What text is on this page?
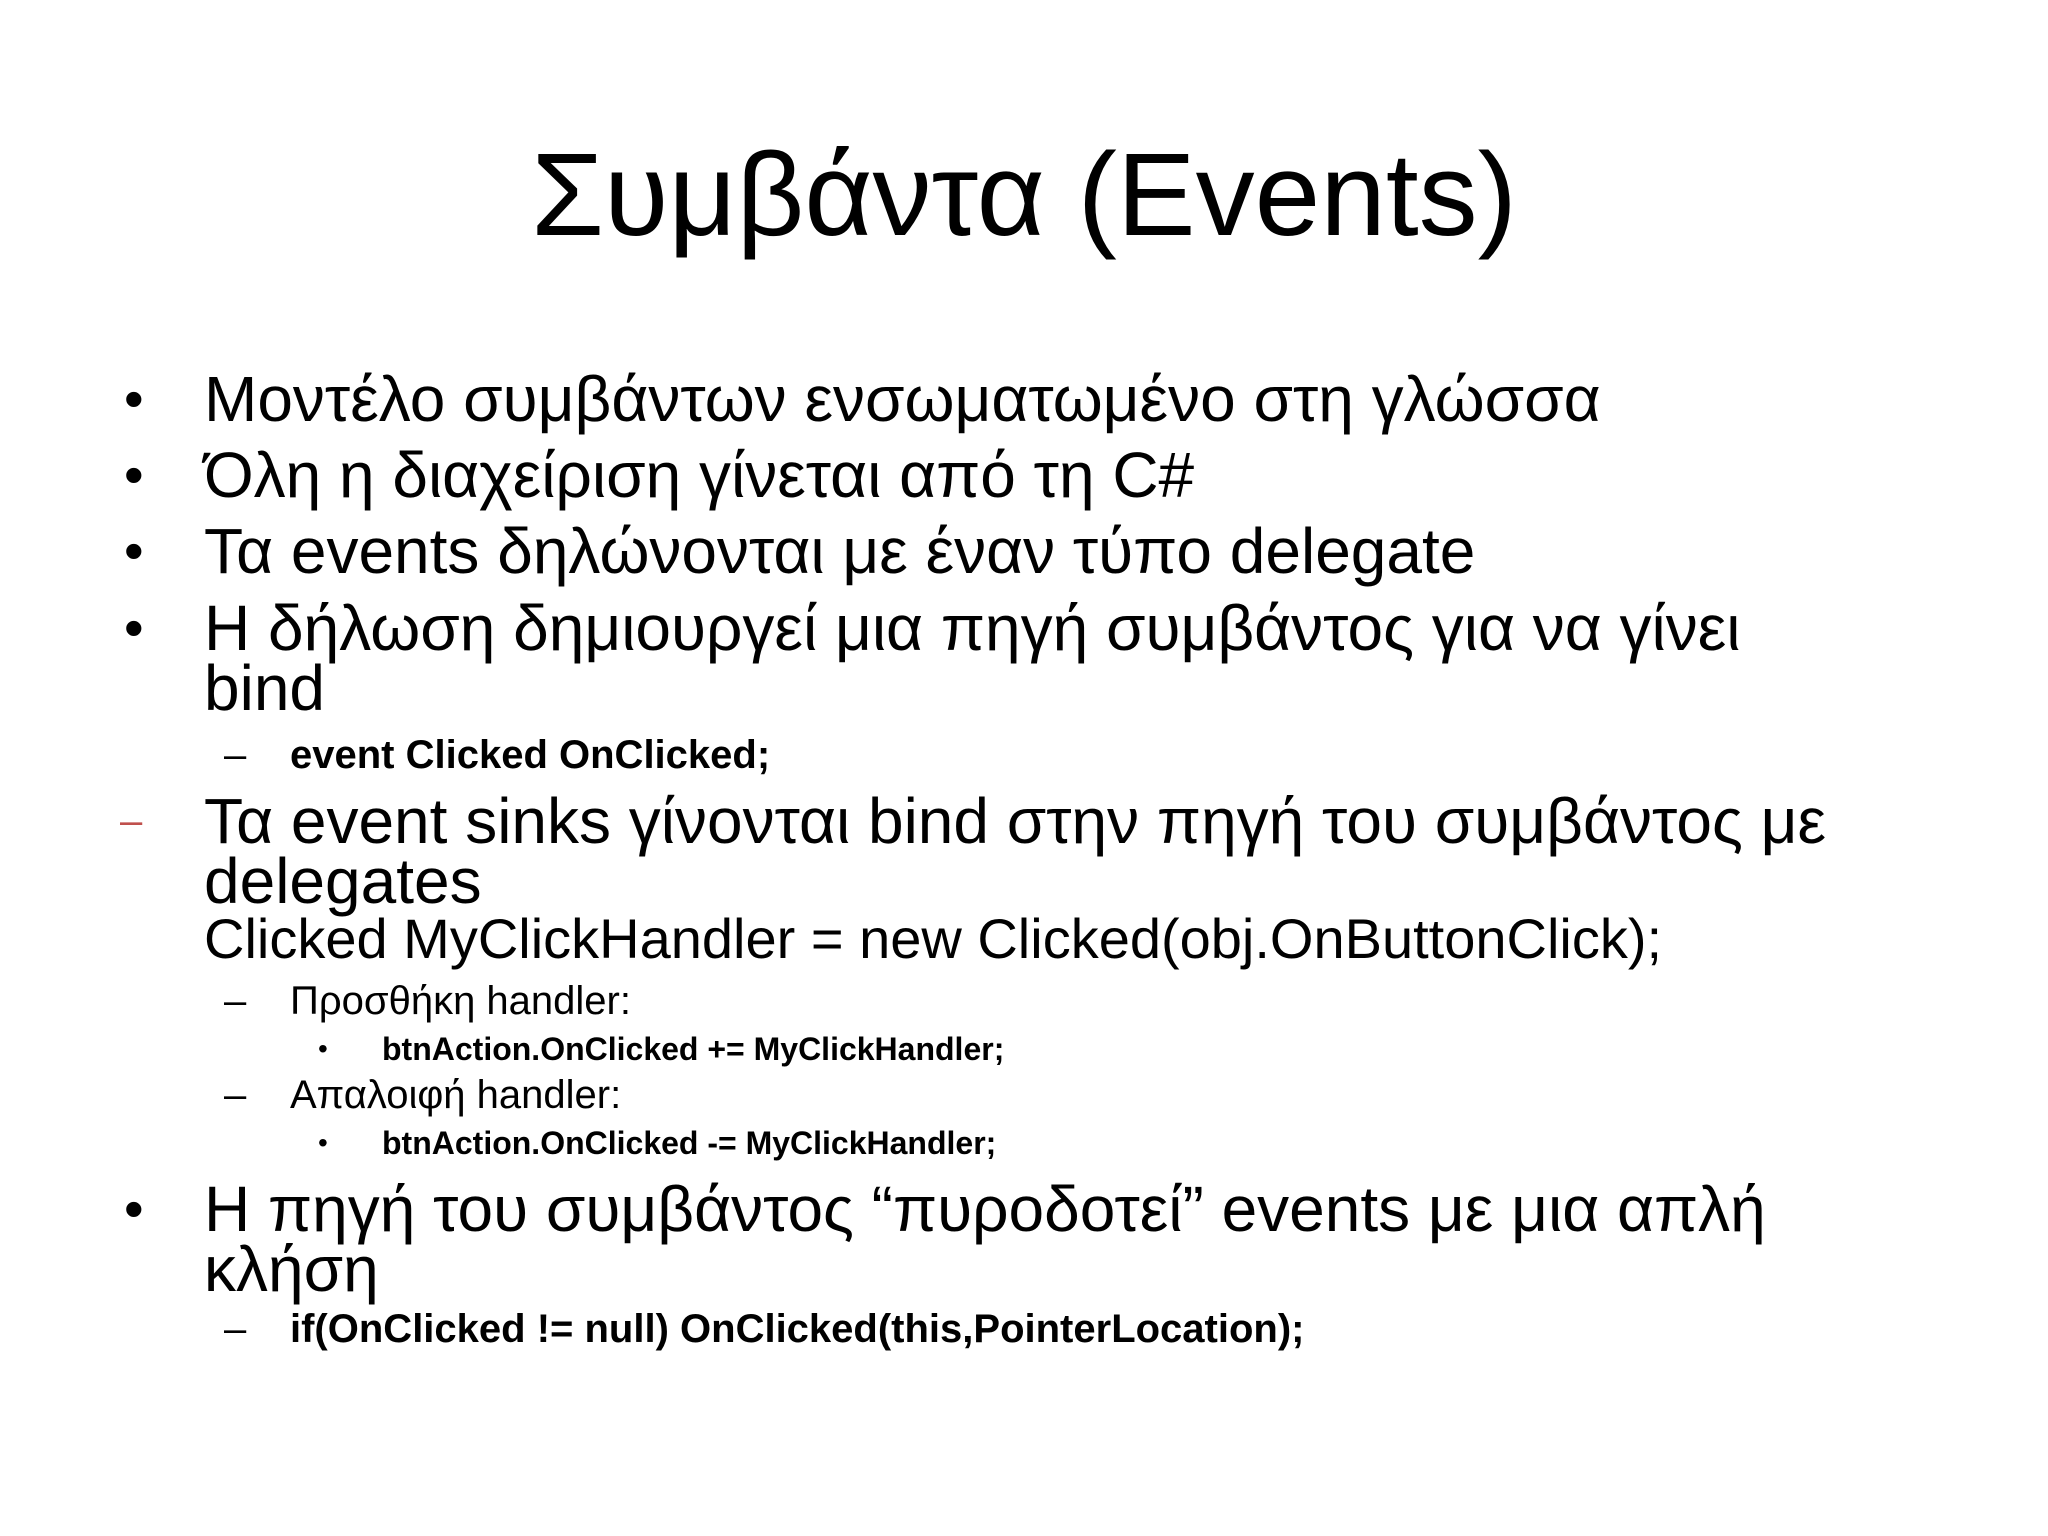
Συμβάντα (Events)
• Μοντέλο συμβάντων ενσωματωμένο στη γλώσσα
• Όλη η διαχείριση γίνεται από τη C#
• Τα events δηλώνονται με έναν τύπο delegate
• Η δήλωση δημιουργεί μια πηγή συμβάντος για να γίνει
bind
– event Clicked OnClicked;
– Τα event sinks γίνονται bind στην πηγή του συμβάντος με
delegates
Clicked MyClickHandler = new Clicked(obj.OnButtonClick);
– Προσθήκη handler:
• btnAction.OnClicked += MyClickHandler;
– Απαλοιφή handler:
• btnAction.OnClicked -= MyClickHandler;
• Η πηγή του συμβάντος “πυροδοτεί” events με μια απλή
κλήση
– if(OnClicked != null) OnClicked(this,PointerLocation);
